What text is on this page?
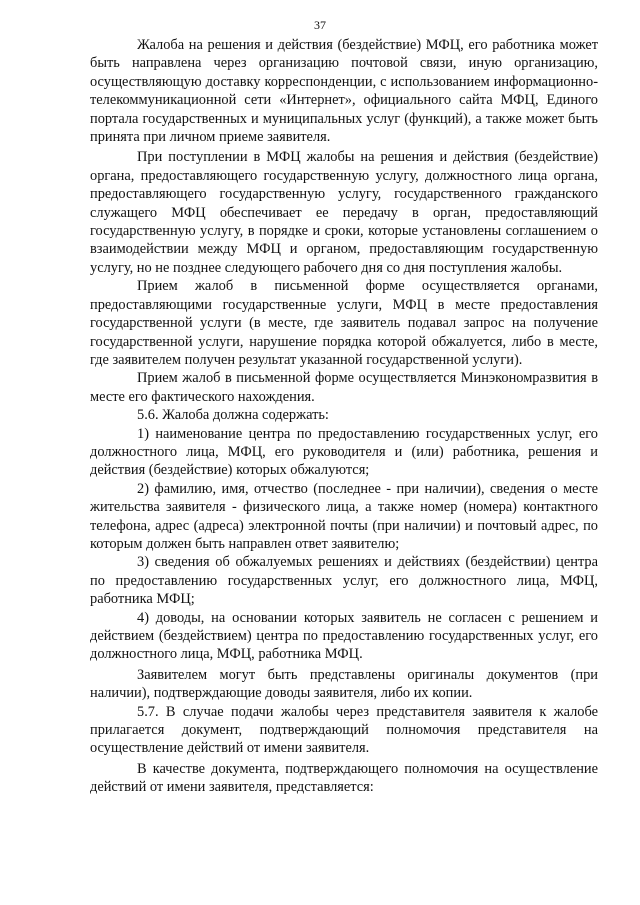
37

Жалоба на решения и действия (бездействие) МФЦ, его работника может быть направлена через организацию почтовой связи, иную организацию, осуществляющую доставку корреспонденции, с использованием информационно-телекоммуникационной сети «Интернет», официального сайта МФЦ, Единого портала государственных и муниципальных услуг (функций), а также может быть принята при личном приеме заявителя.

При поступлении в МФЦ жалобы на решения и действия (бездействие) органа, предоставляющего государственную услугу, должностного лица органа, предоставляющего государственную услугу, государственного гражданского служащего МФЦ обеспечивает ее передачу в орган, предоставляющий государственную услугу, в порядке и сроки, которые установлены соглашением о взаимодействии между МФЦ и органом, предоставляющим государственную услугу, но не позднее следующего рабочего дня со дня поступления жалобы.

Прием жалоб в письменной форме осуществляется органами, предоставляющими государственные услуги, МФЦ в месте предоставления государственной услуги (в месте, где заявитель подавал запрос на получение государственной услуги, нарушение порядка которой обжалуется, либо в месте, где заявителем получен результат указанной государственной услуги).

Прием жалоб в письменной форме осуществляется Минэкономразвития в месте его фактического нахождения.

5.6. Жалоба должна содержать:

1) наименование центра по предоставлению государственных услуг, его должностного лица, МФЦ, его руководителя и (или) работника, решения и действия (бездействие) которых обжалуются;

2) фамилию, имя, отчество (последнее - при наличии), сведения о месте жительства заявителя - физического лица, а также номер (номера) контактного телефона, адрес (адреса) электронной почты (при наличии) и почтовый адрес, по которым должен быть направлен ответ заявителю;

3) сведения об обжалуемых решениях и действиях (бездействии) центра по предоставлению государственных услуг, его должностного лица, МФЦ, работника МФЦ;

4) доводы, на основании которых заявитель не согласен с решением и действием (бездействием) центра по предоставлению государственных услуг, его должностного лица, МФЦ, работника МФЦ.

Заявителем могут быть представлены оригиналы документов (при наличии), подтверждающие доводы заявителя, либо их копии.

5.7. В случае подачи жалобы через представителя заявителя к жалобе прилагается документ, подтверждающий полномочия представителя на осуществление действий от имени заявителя.

В качестве документа, подтверждающего полномочия на осуществление действий от имени заявителя, представляется:
